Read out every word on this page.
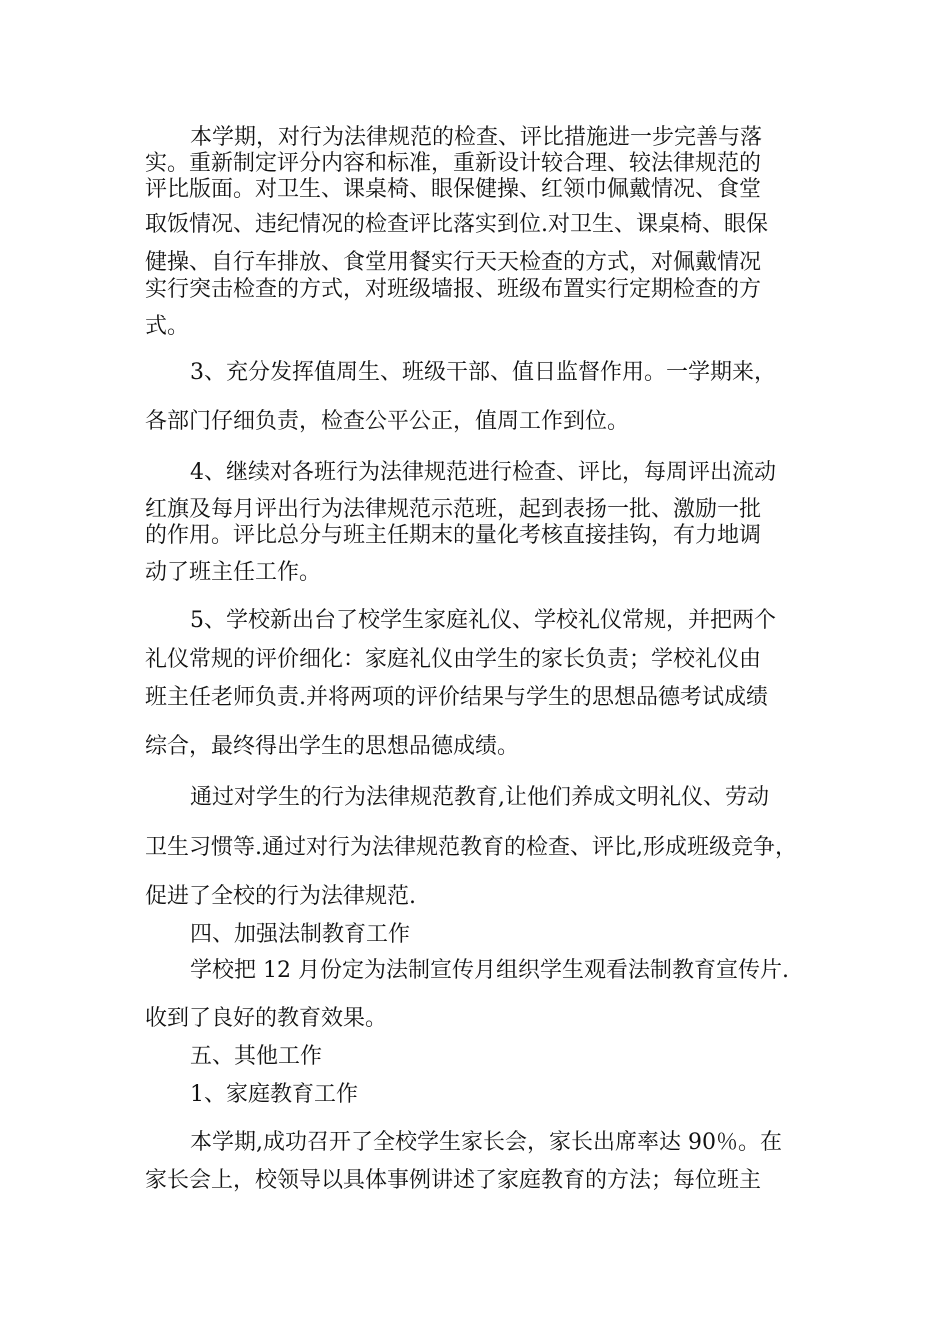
本学期，对行为法律规范的检查、评比措施进一步完善与落
实。重新制定评分内容和标准，重新设计较合理、较法律规范的
评比版面。对卫生、课桌椅、眼保健操、红领巾佩戴情况、食堂
取饭情况、违纪情况的检查评比落实到位.对卫生、课桌椅、眼保
健操、自行车排放、食堂用餐实行天天检查的方式，对佩戴情况
实行突击检查的方式，对班级墙报、班级布置实行定期检查的方
式。
3、充分发挥值周生、班级干部、值日监督作用。一学期来，
各部门仔细负责，检查公平公正，值周工作到位。
4、继续对各班行为法律规范进行检查、评比，每周评出流动
红旗及每月评出行为法律规范示范班，起到表扬一批、激励一批
的作用。评比总分与班主任期末的量化考核直接挂钩，有力地调
动了班主任工作。
5、学校新出台了校学生家庭礼仪、学校礼仪常规，并把两个
礼仪常规的评价细化：家庭礼仪由学生的家长负责；学校礼仪由
班主任老师负责.并将两项的评价结果与学生的思想品德考试成绩
综合，最终得出学生的思想品德成绩。
通过对学生的行为法律规范教育,让他们养成文明礼仪、劳动
卫生习惯等.通过对行为法律规范教育的检查、评比,形成班级竞争，
促进了全校的行为法律规范.
四、加强法制教育工作
学校把 12 月份定为法制宣传月组织学生观看法制教育宣传片.
收到了良好的教育效果。
五、其他工作
1、家庭教育工作
本学期,成功召开了全校学生家长会，家长出席率达 90％。在
家长会上，校领导以具体事例讲述了家庭教育的方法；每位班主
